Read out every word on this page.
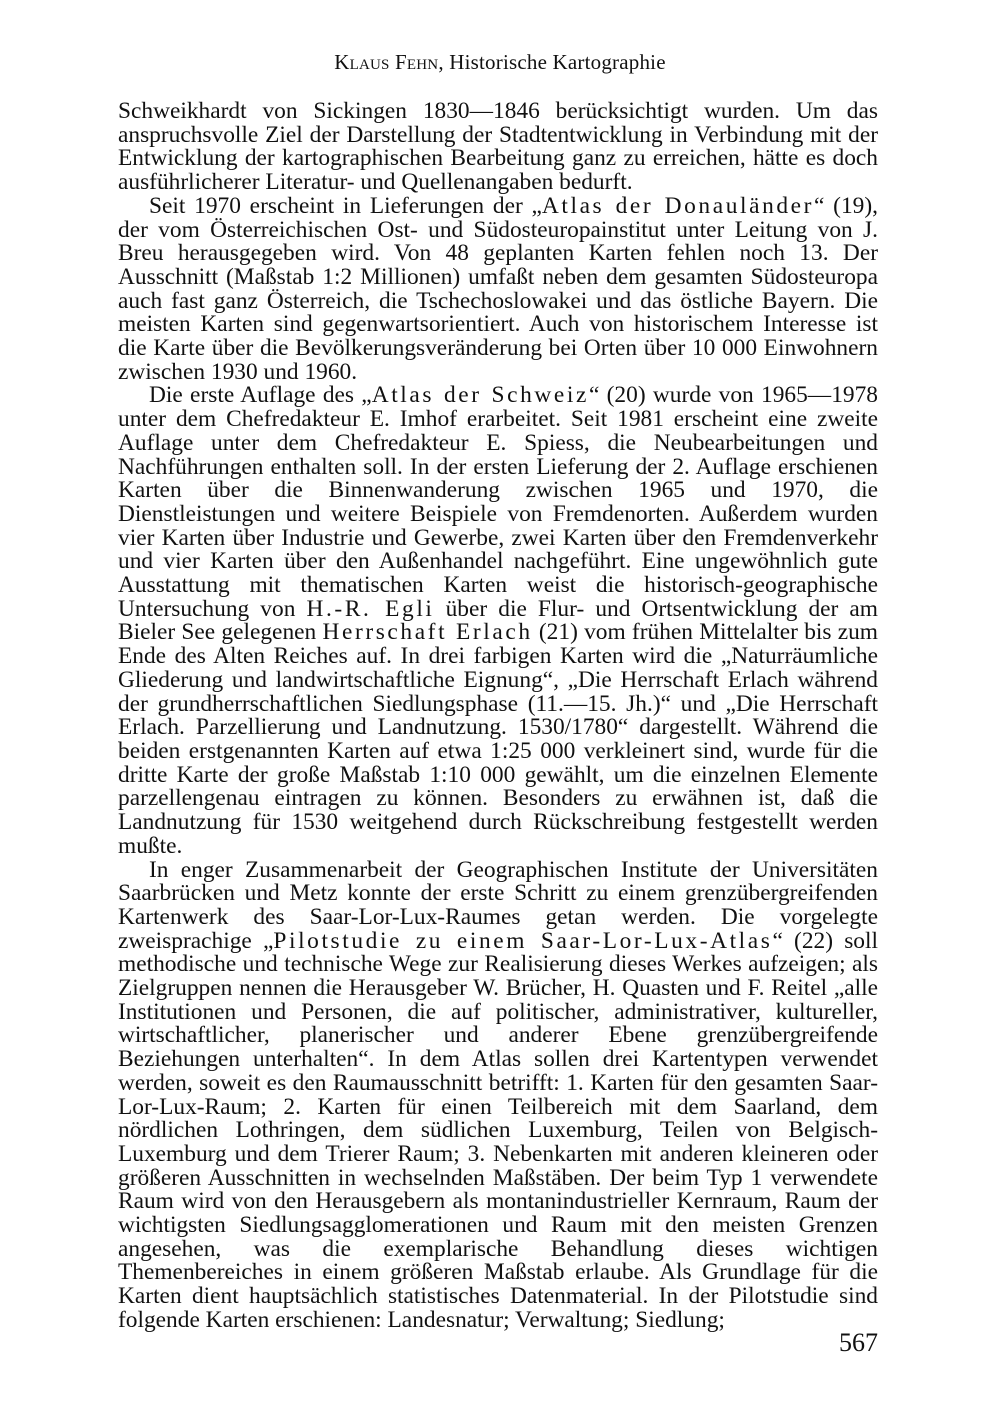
Klaus Fehn, Historische Kartographie

Schweikhardt von Sickingen 1830—1846 berücksichtigt wurden. Um das anspruchsvolle Ziel der Darstellung der Stadtentwicklung in Verbindung mit der Entwicklung der kartographischen Bearbeitung ganz zu erreichen, hätte es doch ausführlicherer Literatur- und Quellenangaben bedurft.

Seit 1970 erscheint in Lieferungen der „Atlas der Donauländer“ (19), der vom Österreichischen Ost- und Südosteuropainstitut unter Leitung von J. Breu herausgegeben wird. Von 48 geplanten Karten fehlen noch 13. Der Ausschnitt (Maßstab 1:2 Millionen) umfaßt neben dem gesamten Südosteuropa auch fast ganz Österreich, die Tschechoslowakei und das östliche Bayern. Die meisten Karten sind gegenwartsorientiert. Auch von historischem Interesse ist die Karte über die Bevölkerungsveränderung bei Orten über 10 000 Einwohnern zwischen 1930 und 1960.

Die erste Auflage des „Atlas der Schweiz“ (20) wurde von 1965—1978 unter dem Chefredakteur E. Imhof erarbeitet. Seit 1981 erscheint eine zweite Auflage unter dem Chefredakteur E. Spiess, die Neubearbeitungen und Nachführungen enthalten soll. In der ersten Lieferung der 2. Auflage erschienen Karten über die Binnenwanderung zwischen 1965 und 1970, die Dienstleistungen und weitere Beispiele von Fremdenorten. Außerdem wurden vier Karten über Industrie und Gewerbe, zwei Karten über den Fremdenverkehr und vier Karten über den Außenhandel nachgeführt. Eine ungewöhnlich gute Ausstattung mit thematischen Karten weist die historisch-geographische Untersuchung von H.-R. Egli über die Flur- und Ortsentwicklung der am Bieler See gelegenen Herrschaft Erlach (21) vom frühen Mittelalter bis zum Ende des Alten Reiches auf. In drei farbigen Karten wird die „Naturräumliche Gliederung und landwirtschaftliche Eignung“, „Die Herrschaft Erlach während der grundherrschaftlichen Siedlungsphase (11.—15. Jh.)“ und „Die Herrschaft Erlach. Parzellierung und Landnutzung. 1530/1780“ dargestellt. Während die beiden erstgenannten Karten auf etwa 1:25 000 verkleinert sind, wurde für die dritte Karte der große Maßstab 1:10 000 gewählt, um die einzelnen Elemente parzellengenau eintragen zu können. Besonders zu erwähnen ist, daß die Landnutzung für 1530 weitgehend durch Rückschreibung festgestellt werden mußte.

In enger Zusammenarbeit der Geographischen Institute der Universitäten Saarbrücken und Metz konnte der erste Schritt zu einem grenzübergreifenden Kartenwerk des Saar-Lor-Lux-Raumes getan werden. Die vorgelegte zweisprachige „Pilotstudie zu einem Saar-Lor-Lux-Atlas“ (22) soll methodische und technische Wege zur Realisierung dieses Werkes aufzeigen; als Zielgruppen nennen die Herausgeber W. Brücher, H. Quasten und F. Reitel „alle Institutionen und Personen, die auf politischer, administrativer, kultureller, wirtschaftlicher, planerischer und anderer Ebene grenzübergreifende Beziehungen unterhalten“. In dem Atlas sollen drei Kartentypen verwendet werden, soweit es den Raumausschnitt betrifft: 1. Karten für den gesamten Saar-Lor-Lux-Raum; 2. Karten für einen Teilbereich mit dem Saarland, dem nördlichen Lothringen, dem südlichen Luxemburg, Teilen von Belgisch-Luxemburg und dem Trierer Raum; 3. Nebenkarten mit anderen kleineren oder größeren Ausschnitten in wechselnden Maßstäben. Der beim Typ 1 verwendete Raum wird von den Herausgebern als montanindustrieller Kernraum, Raum der wichtigsten Siedlungsagglomerationen und Raum mit den meisten Grenzen angesehen, was die exemplarische Behandlung dieses wichtigen Themenbereiches in einem größeren Maßstab erlaube. Als Grundlage für die Karten dient hauptsächlich statistisches Datenmaterial. In der Pilotstudie sind folgende Karten erschienen: Landesnatur; Verwaltung; Siedlung;

567
